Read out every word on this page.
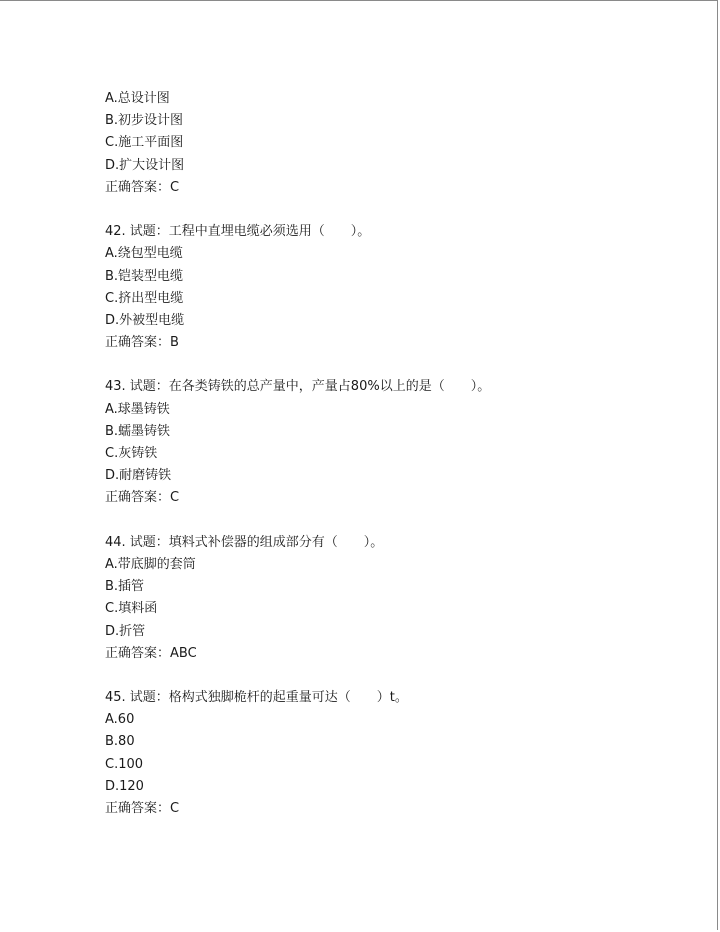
A.总设计图
B.初步设计图
C.施工平面图
D.扩大设计图
正确答案：C
42. 试题：工程中直埋电缆必须选用（　　）。
A.绕包型电缆
B.铠装型电缆
C.挤出型电缆
D.外被型电缆
正确答案：B
43. 试题：在各类铸铁的总产量中，产量占80%以上的是（　　）。
A.球墨铸铁
B.蠕墨铸铁
C.灰铸铁
D.耐磨铸铁
正确答案：C
44. 试题：填料式补偿器的组成部分有（　　）。
A.带底脚的套筒
B.插管
C.填料函
D.折管
正确答案：ABC
45. 试题：格构式独脚桅杆的起重量可达（　　）t。
A.60
B.80
C.100
D.120
正确答案：C
